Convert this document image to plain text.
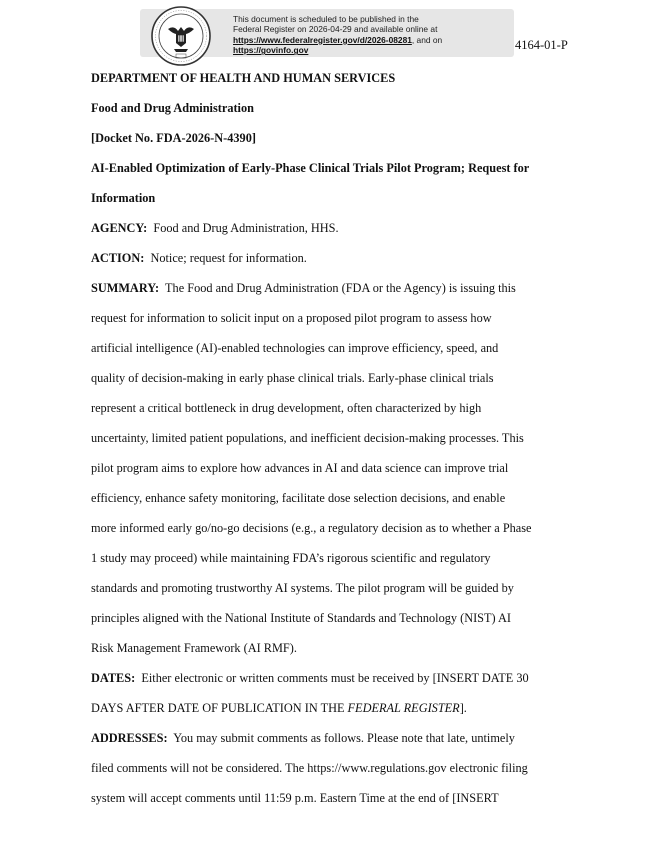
This document is scheduled to be published in the
Federal Register on 2026-04-29 and available online at
https://www.federalregister.gov/d/2026-08281, and on
https://govinfo.gov	4164-01-P
DEPARTMENT OF HEALTH AND HUMAN SERVICES
Food and Drug Administration
[Docket No. FDA-2026-N-4390]
AI-Enabled Optimization of Early-Phase Clinical Trials Pilot Program; Request for
Information
AGENCY: Food and Drug Administration, HHS.
ACTION: Notice; request for information.
SUMMARY: The Food and Drug Administration (FDA or the Agency) is issuing this
request for information to solicit input on a proposed pilot program to assess how
artificial intelligence (AI)-enabled technologies can improve efficiency, speed, and
quality of decision-making in early phase clinical trials. Early-phase clinical trials
represent a critical bottleneck in drug development, often characterized by high
uncertainty, limited patient populations, and inefficient decision-making processes. This
pilot program aims to explore how advances in AI and data science can improve trial
efficiency, enhance safety monitoring, facilitate dose selection decisions, and enable
more informed early go/no-go decisions (e.g., a regulatory decision as to whether a Phase
1 study may proceed) while maintaining FDA’s rigorous scientific and regulatory
standards and promoting trustworthy AI systems. The pilot program will be guided by
principles aligned with the National Institute of Standards and Technology (NIST) AI
Risk Management Framework (AI RMF).
DATES: Either electronic or written comments must be received by [INSERT DATE 30
DAYS AFTER DATE OF PUBLICATION IN THE FEDERAL REGISTER].
ADDRESSES: You may submit comments as follows. Please note that late, untimely
filed comments will not be considered. The https://www.regulations.gov electronic filing
system will accept comments until 11:59 p.m. Eastern Time at the end of [INSERT
